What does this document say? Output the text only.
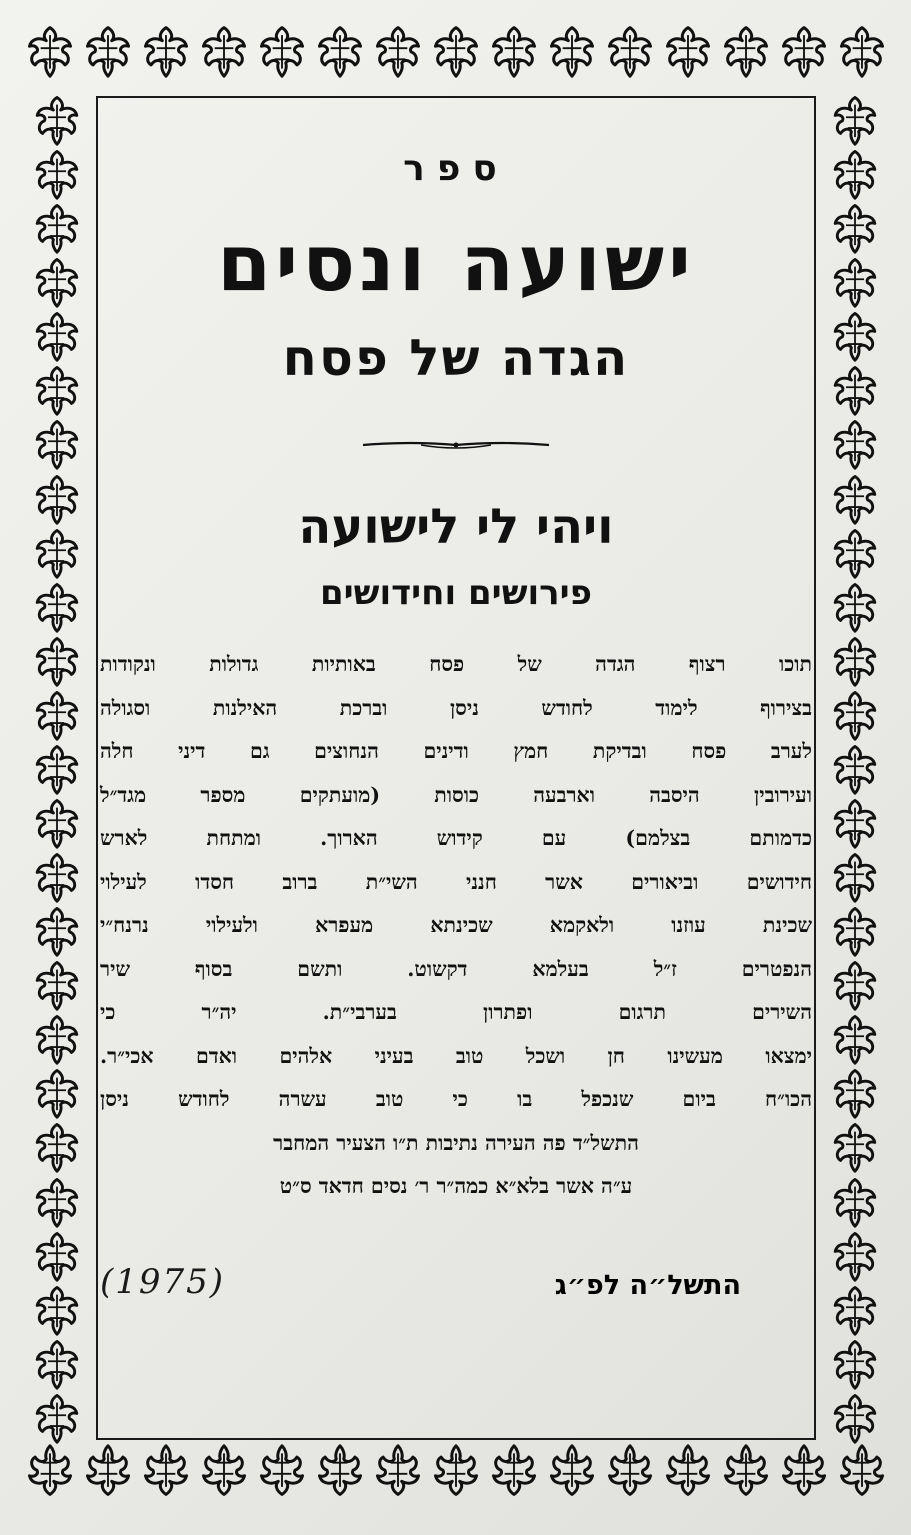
ספר
ישועה ונסים
הגדה של פסח
ויהי לי לישועה
פירושים וחידושים
תוכו רצוף הגדה של פסח באותיות גדולות ונקודות
בצירוף לימוד לחודש ניסן וברכת האילנות וסגולה
לערב פסח ובדיקת חמץ ודינים הנחוצים גם דיני חלה
ועירובין היסבה וארבעה כוסות (מועתקים מספר מגד״ל
כדמותם בצלמם) עם קידוש הארוך. ומתחת לארש
חידושים וביאורים אשר חנני השי״ת ברוב חסדו לעילוי
שכינת עוזנו ולאקמא שכינתא מעפרא ולעילוי נרנח״י
הנפטרים ז״ל בעלמא דקשוט. ותשם בסוף שיר
השירים תרגום ופתרון בערבי״ת. יה״ר כי
ימצאו מעשינו חן ושכל טוב בעיני אלהים ואדם אכי״ר.
הכו״ח ביום שנכפל בו כי טוב עשרה לחודש ניסן
התשל״ד פה העירה נתיבות ת״ו הצעיר המחבר
ע״ה אשר בלא״א כמה״ר ר׳ נסים חדאד ס״ט
התשל״ה לפ״ג
(1975)
